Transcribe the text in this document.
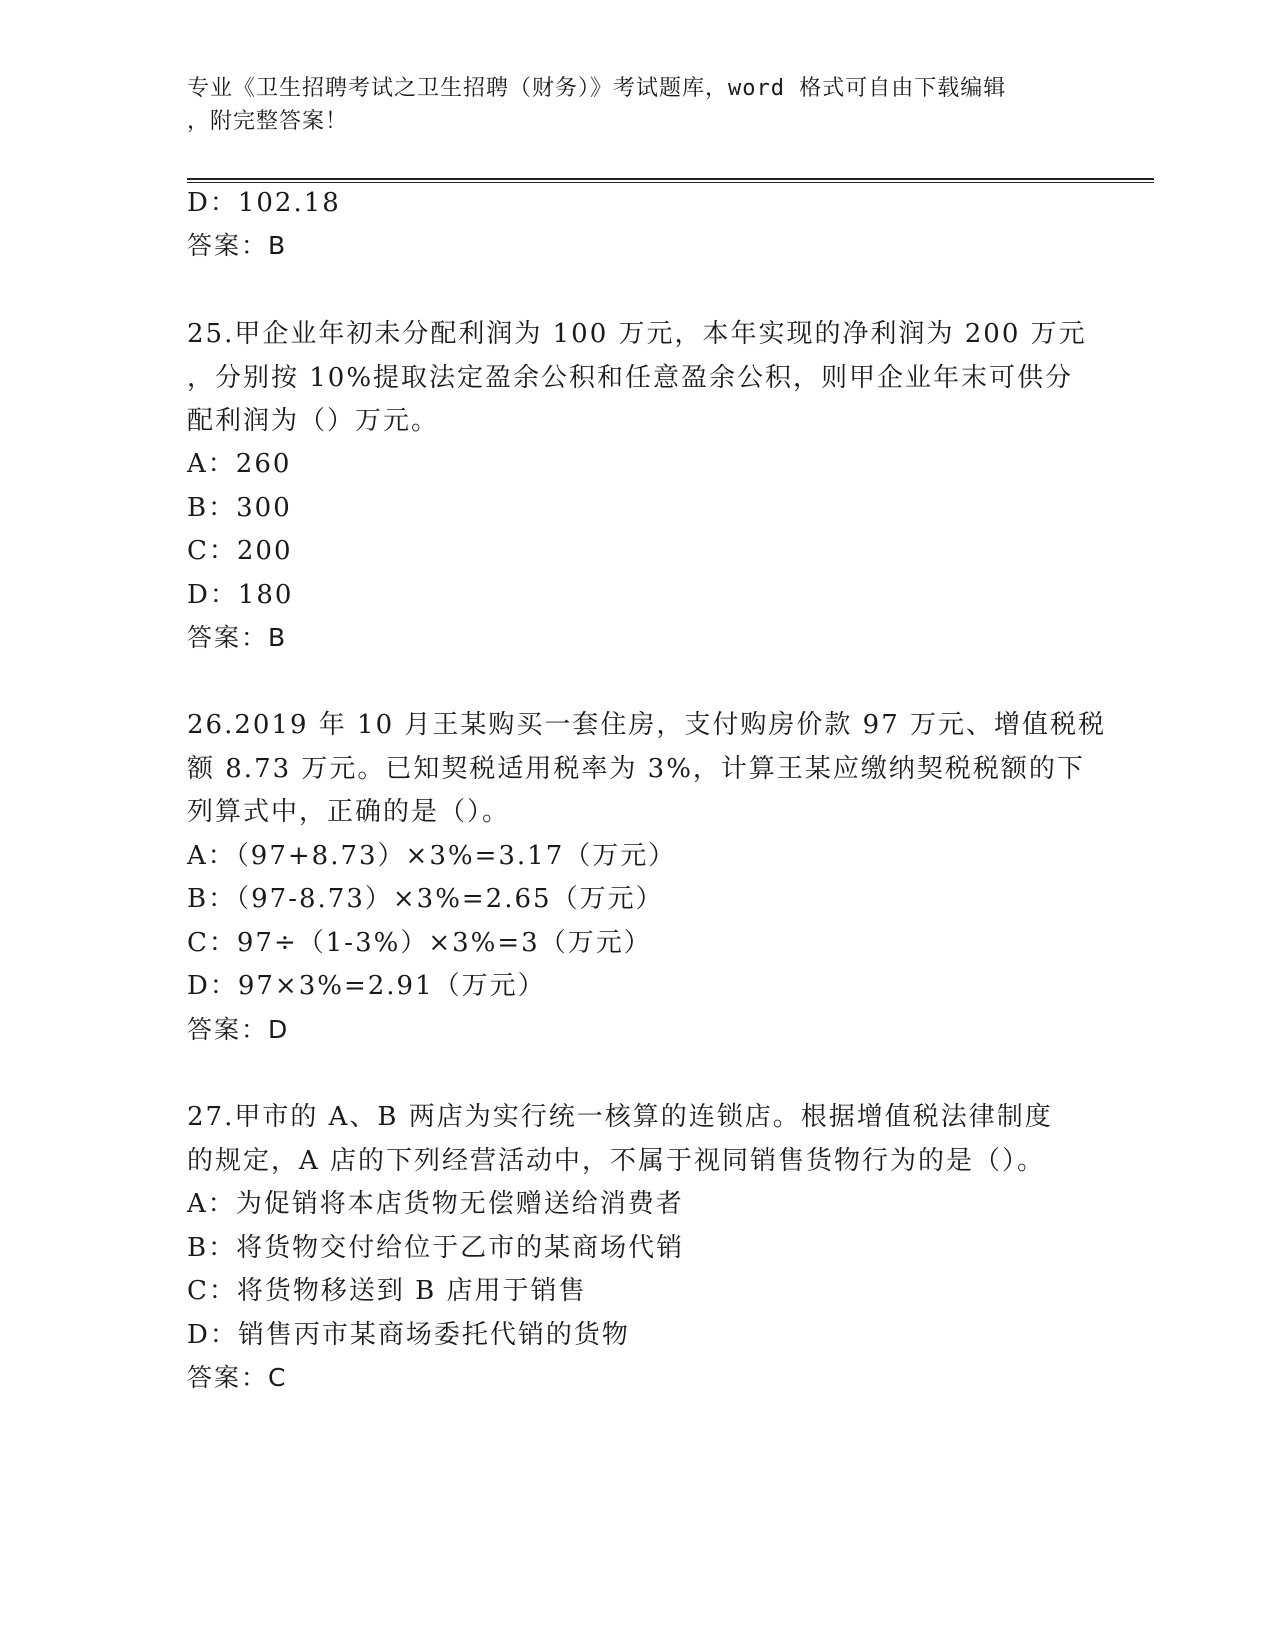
专业《卫生招聘考试之卫生招聘（财务）》考试题库，word 格式可自由下载编辑
，附完整答案！
D：102.18
答案：B
25.甲企业年初未分配利润为 100 万元，本年实现的净利润为 200 万元
，分别按 10%提取法定盈余公积和任意盈余公积，则甲企业年末可供分
配利润为（）万元。
A：260
B：300
C：200
D：180
答案：B
26.2019 年 10 月王某购买一套住房，支付购房价款 97 万元、增值税税
额 8.73 万元。已知契税适用税率为 3%，计算王某应缴纳契税税额的下
列算式中，正确的是（）。
A：（97+8.73）×3%=3.17（万元）
B：（97-8.73）×3%=2.65（万元）
C：97÷（1-3%）×3%=3（万元）
D：97×3%=2.91（万元）
答案：D
27.甲市的 A、B 两店为实行统一核算的连锁店。根据增值税法律制度
的规定，A 店的下列经营活动中，不属于视同销售货物行为的是（）。
A：为促销将本店货物无偿赠送给消费者
B：将货物交付给位于乙市的某商场代销
C：将货物移送到 B 店用于销售
D：销售丙市某商场委托代销的货物
答案：C
